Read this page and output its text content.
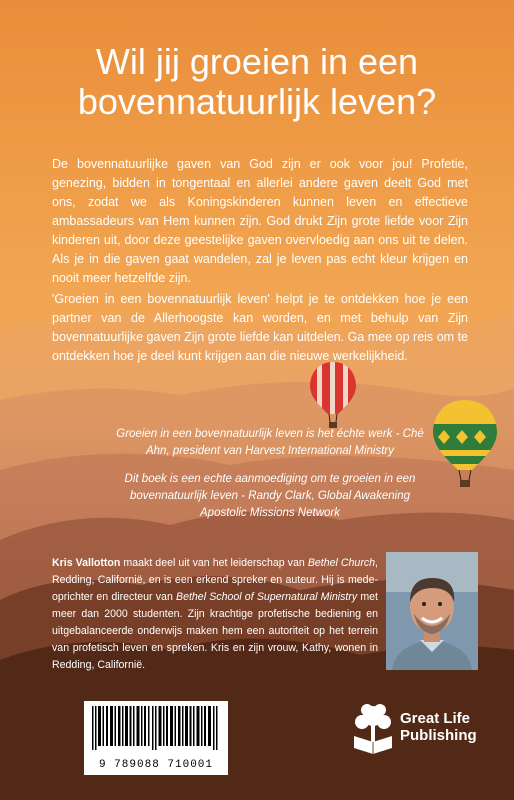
Wil jij groeien in een
bovennatuurlijk leven?

De bovennatuurlijke gaven van God zijn er ook voor jou! Profetie, genezing, bidden in tongentaal en allerlei andere gaven deelt God met ons, zodat we als Koningskinderen kunnen leven en effectieve ambassadeurs van Hem kunnen zijn. God drukt Zijn grote liefde voor Zijn kinderen uit, door deze geestelijke gaven overvloedig aan ons uit te delen. Als je in die gaven gaat wandelen, zal je leven pas echt kleur krijgen en nooit meer hetzelfde zijn.

'Groeien in een bovennatuurlijk leven' helpt je te ontdekken hoe je een partner van de Allerhoogste kan worden, en met behulp van Zijn bovennatuurlijke gaven Zijn grote liefde kan uitdelen. Ga mee op reis om te ontdekken hoe je deel kunt krijgen aan die nieuwe werkelijkheid.

Groeien in een bovennatuurlijk leven is het échte werk - Ché Ahn, president van Harvest International Ministry

Dit boek is een echte aanmoediging om te groeien in een bovennatuurlijk leven - Randy Clark, Global Awakening Apostolic Missions Network

Kris Vallotton maakt deel uit van het leiderschap van Bethel Church, Redding, Californië, en is een erkend spreker en auteur. Hij is mede-oprichter en directeur van Bethel School of Supernatural Ministry met meer dan 2000 studenten. Zijn krachtige profetische bediening en uitgebalanceerde onderwijs maken hem een autoriteit op het terrein van profetisch leven en spreken. Kris en zijn vrouw, Kathy, wonen in Redding, Californië.

9 789088 710001
Great Life
Publishing
